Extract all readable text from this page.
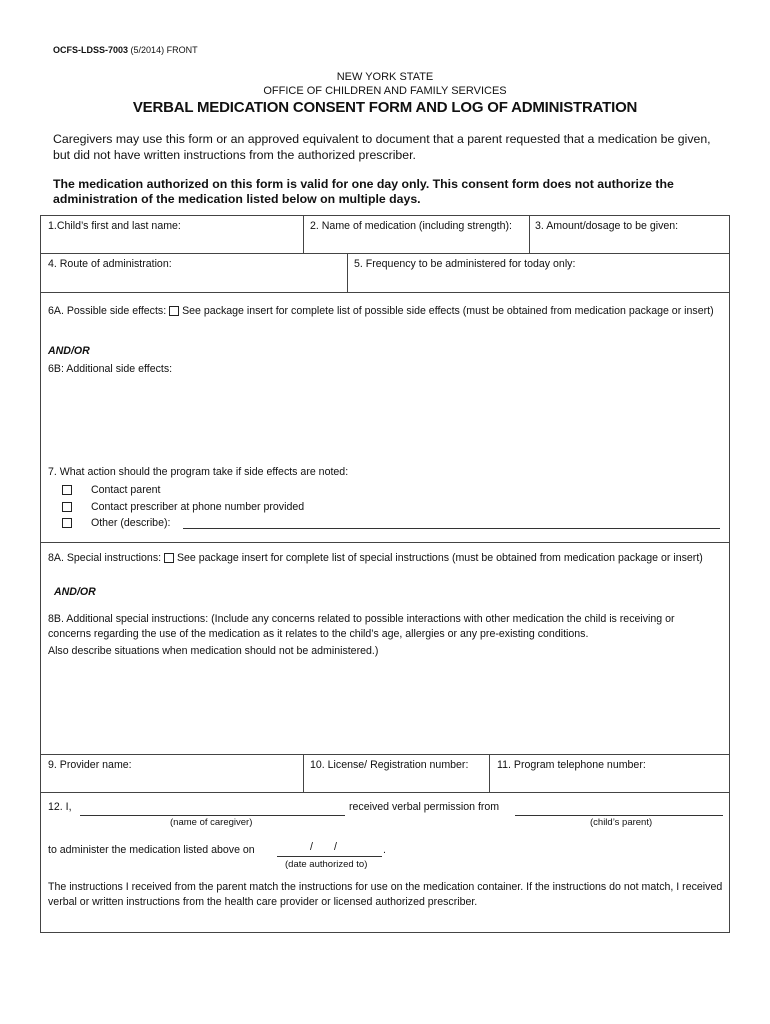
OCFS-LDSS-7003 (5/2014) FRONT
NEW YORK STATE
OFFICE OF CHILDREN AND FAMILY SERVICES
VERBAL MEDICATION CONSENT FORM AND LOG OF ADMINISTRATION
Caregivers may use this form or an approved equivalent to document that a parent requested that a medication be given, but did not have written instructions from the authorized prescriber.
The medication authorized on this form is valid for one day only. This consent form does not authorize the administration of the medication listed below on multiple days.
1.Child’s first and last name:	2. Name of medication (including strength): 3. Amount/dosage to be given:
4. Route of administration:	5. Frequency to be administered for today only:
6A. Possible side effects: See package insert for complete list of possible side effects (must be obtained from medication package or insert)
AND/OR
6B: Additional side effects:
7. What action should the program take if side effects are noted:
Contact parent
Contact prescriber at phone number provided
Other (describe):
8A. Special instructions: See package insert for complete list of special instructions (must be obtained from medication package or insert)
AND/OR
8B. Additional special instructions: (Include any concerns related to possible interactions with other medication the child is receiving or concerns regarding the use of the medication as it relates to the child’s age, allergies or any pre-existing conditions.
Also describe situations when medication should not be administered.)
9. Provider name:	10. License/ Registration number:	11. Program telephone number:
12. I,	received verbal permission from
(name of caregiver)	(child’s parent)
to administer the medication listed above on	/ /	.
(date authorized to)
The instructions I received from the parent match the instructions for use on the medication container. If the instructions do not match, I received verbal or written instructions from the health care provider or licensed authorized prescriber.
